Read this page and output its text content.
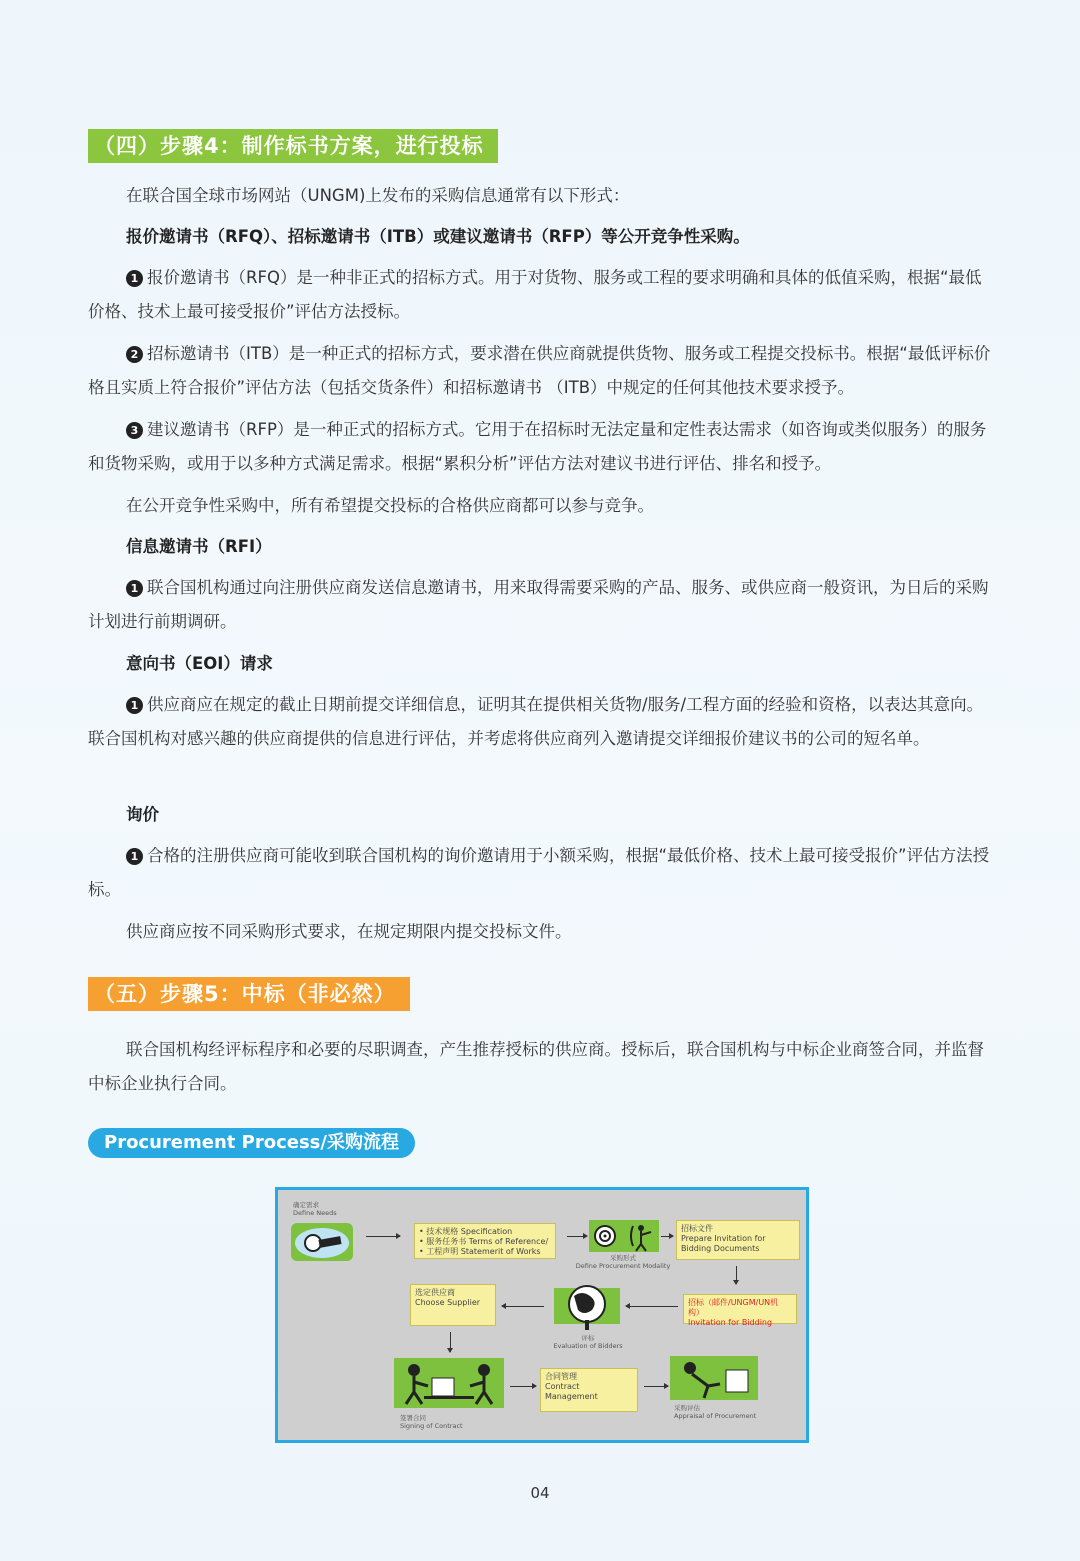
（四）步骤4：制作标书方案，进行投标

在联合国全球市场网站（UNGM)上发布的采购信息通常有以下形式：

报价邀请书（RFQ）、招标邀请书（ITB）或建议邀请书（RFP）等公开竞争性采购。

1 报价邀请书（RFQ）是一种非正式的招标方式。用于对货物、服务或工程的要求明确和具体的低值采购，根据“最低价格、技术上最可接受报价”评估方法授标。

2 招标邀请书（ITB）是一种正式的招标方式，要求潜在供应商就提供货物、服务或工程提交投标书。根据“最低评标价格且实质上符合报价”评估方法（包括交货条件）和招标邀请书 （ITB）中规定的任何其他技术要求授予。

3 建议邀请书（RFP）是一种正式的招标方式。它用于在招标时无法定量和定性表达需求（如咨询或类似服务）的服务和货物采购，或用于以多种方式满足需求。根据“累积分析”评估方法对建议书进行评估、排名和授予。

在公开竞争性采购中，所有希望提交投标的合格供应商都可以参与竞争。

信息邀请书（RFI）

1 联合国机构通过向注册供应商发送信息邀请书，用来取得需要采购的产品、服务、或供应商一般资讯，为日后的采购计划进行前期调研。

意向书（EOI）请求

1 供应商应在规定的截止日期前提交详细信息，证明其在提供相关货物/服务/工程方面的经验和资格，以表达其意向。联合国机构对感兴趣的供应商提供的信息进行评估，并考虑将供应商列入邀请提交详细报价建议书的公司的短名单。

询价

1 合格的注册供应商可能收到联合国机构的询价邀请用于小额采购，根据“最低价格、技术上最可接受报价”评估方法授标。

供应商应按不同采购形式要求，在规定期限内提交投标文件。

（五）步骤5：中标（非必然）

联合国机构经评标程序和必要的尽职调查，产生推荐授标的供应商。授标后，联合国机构与中标企业商签合同，并监督中标企业执行合同。

Procurement Process/采购流程
确定需求
Define Needs
• 技术规格 Specification
• 服务任务书 Terms of Reference/
• 工程声明 Statemerit of Works
采购形式
Define Procurement Modality
招标文件
Prepare Invitation for Bidding Documents
选定供应商
Choose Supplier
评标
Evaluation of Bidders
招标（邮件/UNGM/UN机构）
Invitation for Bidding
签署合同
Signing of Contract
合同管理
Contract Management
采购评估
Appraisal of Procurement
04
